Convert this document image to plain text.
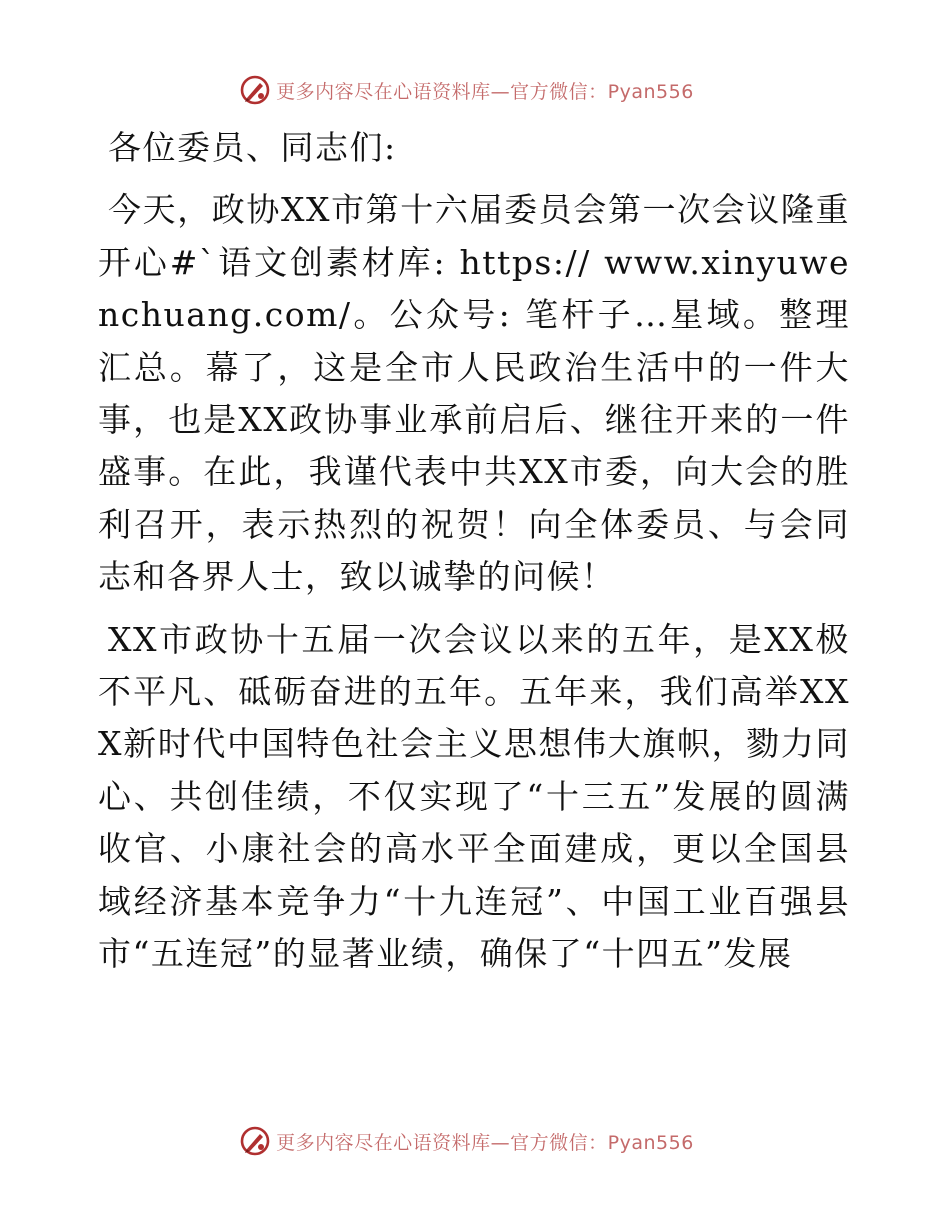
更多内容尽在心语资料库—官方微信：Pyan556

各位委员、同志们:

今天，政协XX市第十六届委员会第一次会议隆重开心#`语文创素材库: https:// www.xinyuwenchuang.com/。公众号: 笔杆子…星域。整理汇总。幕了，这是全市人民政治生活中的一件大事，也是XX政协事业承前启后、继往开来的一件盛事。在此，我谨代表中共XX市委，向大会的胜利召开，表示热烈的祝贺！向全体委员、与会同志和各界人士，致以诚挚的问候！

XX市政协十五届一次会议以来的五年，是XX极不平凡、砥砺奋进的五年。五年来，我们高举XXX新时代中国特色社会主义思想伟大旗帜，勠力同心、共创佳绩，不仅实现了“十三五”发展的圆满收官、小康社会的高水平全面建成，更以全国县域经济基本竞争力“十九连冠”、中国工业百强县市“五连冠”的显著业绩，确保了“十四五”发展

更多内容尽在心语资料库—官方微信：Pyan556
